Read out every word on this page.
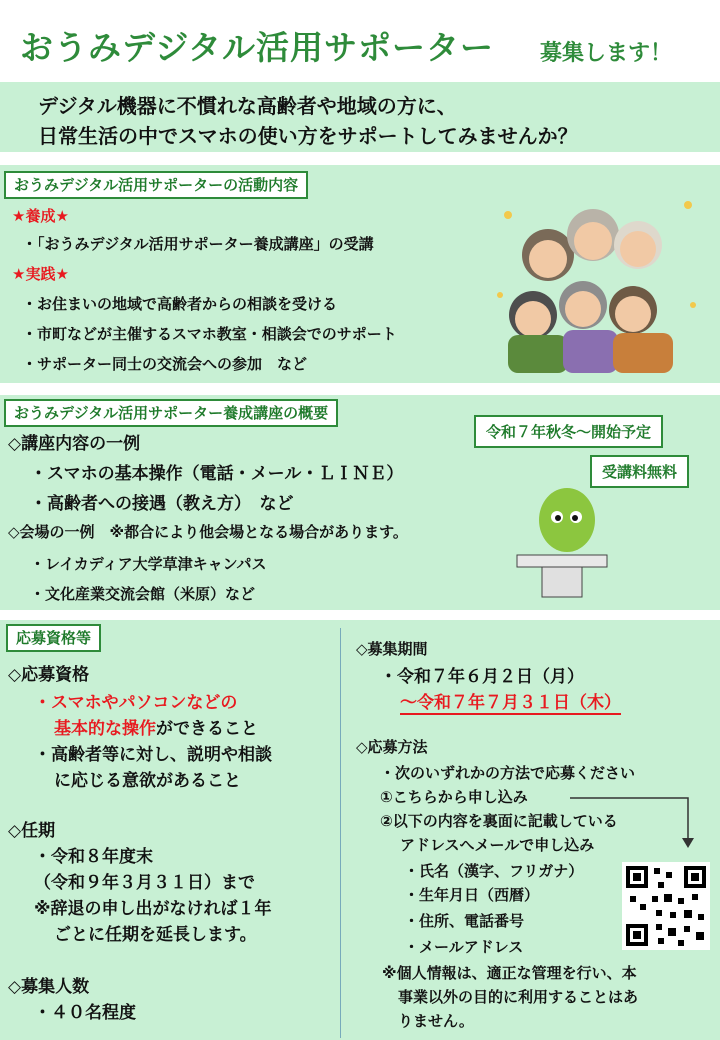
おうみデジタル活用サポーター 募集します！
デジタル機器に不慣れな高齢者や地域の方に、
日常生活の中でスマホの使い方をサポートしてみませんか？
おうみデジタル活用サポーターの活動内容
★養成★
・「おうみデジタル活用サポーター養成講座」の受講
★実践★
・お住まいの地域で高齢者からの相談を受ける
・市町などが主催するスマホ教室・相談会でのサポート
・サポーター同士の交流会への参加　など
おうみデジタル活用サポーター養成講座の概要
令和７年秋冬～開始予定
受講料無料
◇講座内容の一例
・スマホの基本操作（電話・メール・ＬＩＮＥ）
・高齢者への接遇（教え方）　など
◇会場の一例　※都合により他会場となる場合があります。
・レイカディア大学草津キャンパス
・文化産業交流会館（米原）など
応募資格等
◇応募資格
・スマホやパソコンなどの
基本的な操作ができること
・高齢者等に対し、説明や相談
に応じる意欲があること
◇任期
・令和８年度末
（令和９年３月３１日）まで
※辞退の申し出がなければ１年
ごとに任期を延長します。
◇募集人数
・４０名程度
◇募集期間
・令和７年６月２日（月）
～令和７年７月３１日（木）
◇応募方法
・次のいずれかの方法で応募ください
①こちらから申し込み
②以下の内容を裏面に記載している
アドレスへメールで申し込み
・氏名（漢字、フリガナ）
・生年月日（西暦）
・住所、電話番号
・メールアドレス
※個人情報は、適正な管理を行い、本
事業以外の目的に利用することはあ
りません。
